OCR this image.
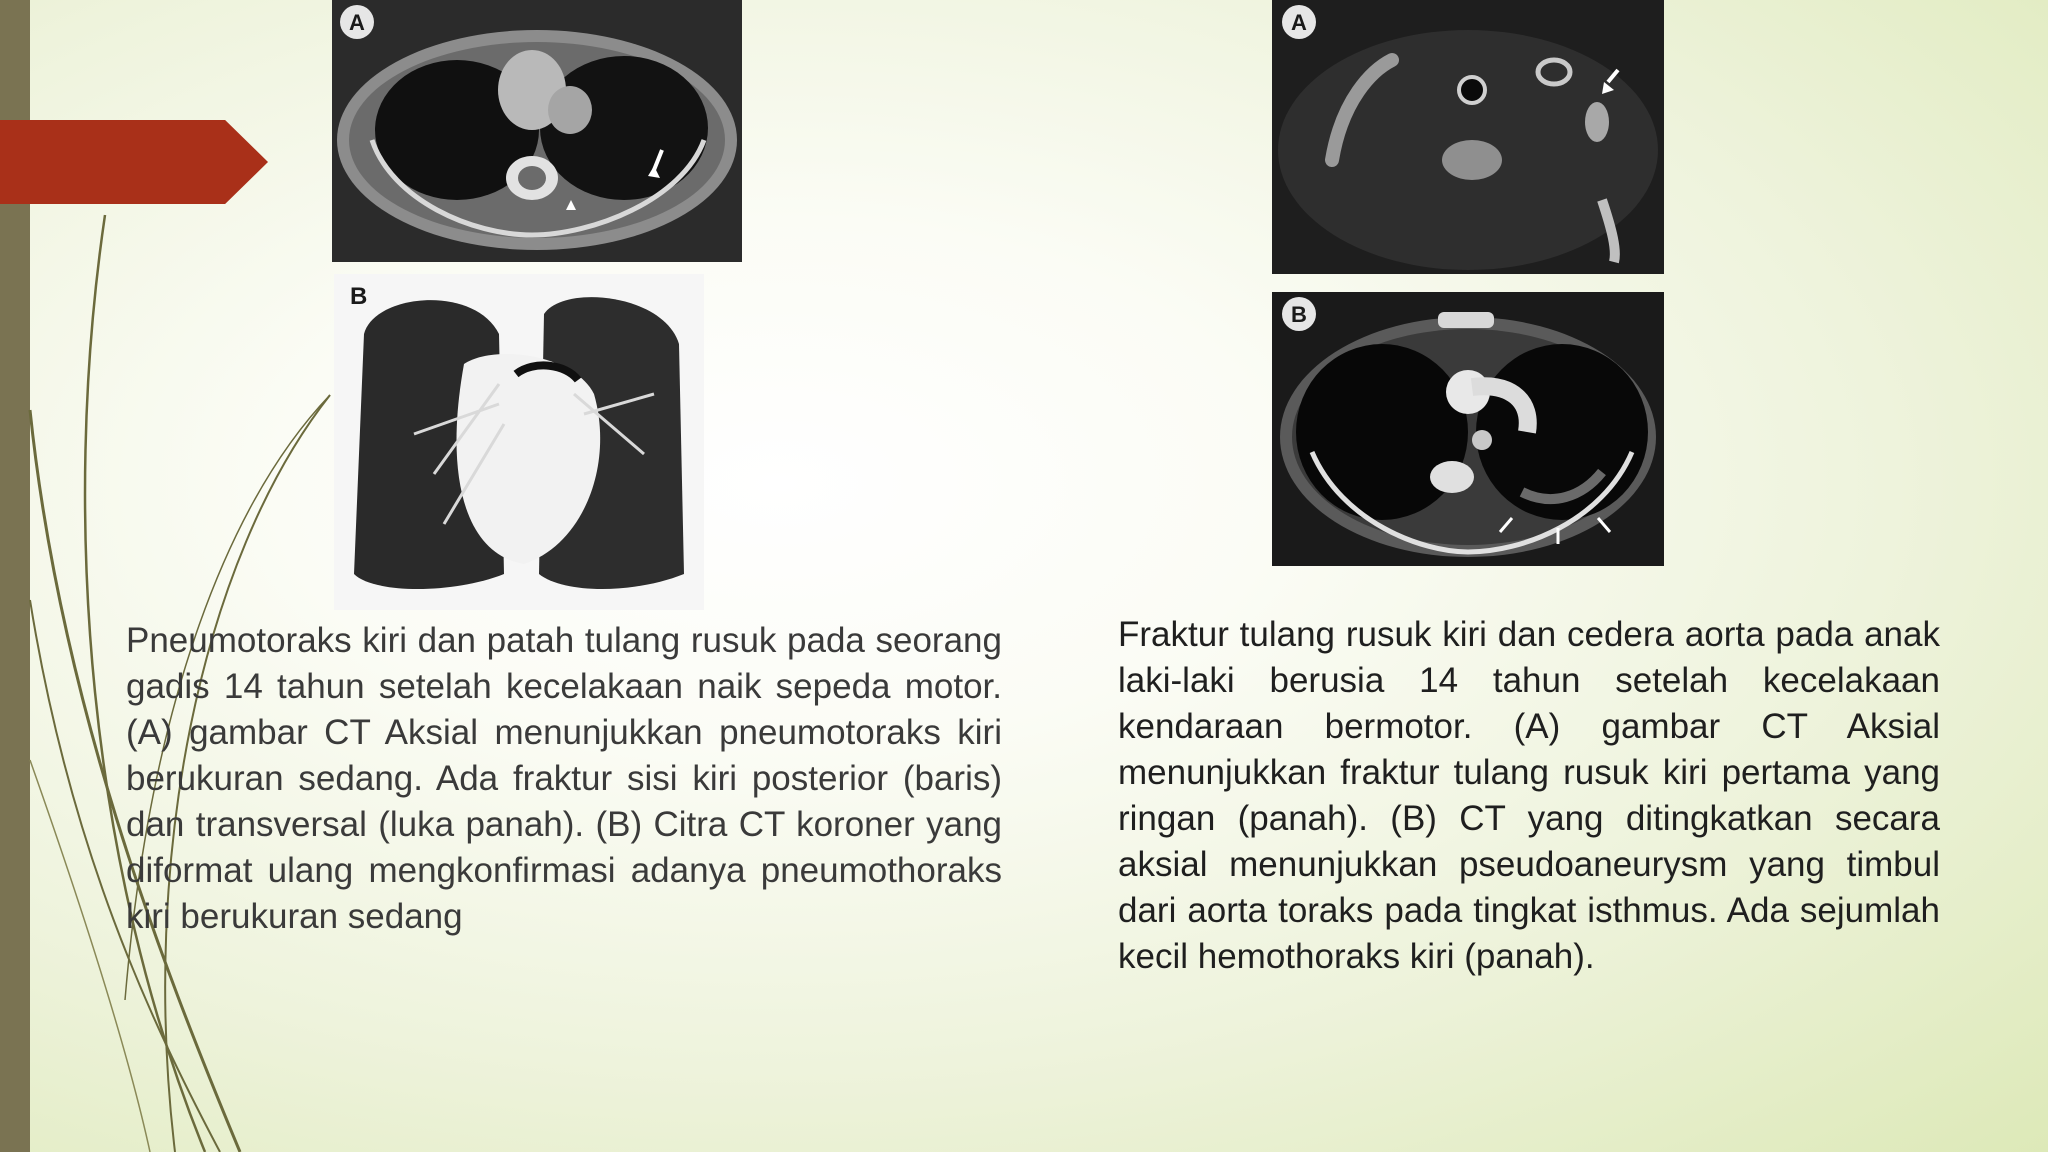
A
B
A
B

Pneumotoraks kiri dan patah tulang rusuk pada seorang gadis 14 tahun setelah kecelakaan naik sepeda motor. (A) gambar CT Aksial menunjukkan pneumotoraks kiri berukuran sedang. Ada fraktur sisi kiri posterior (baris) dan transversal (luka panah). (B) Citra CT koroner yang diformat ulang mengkonfirmasi adanya pneumothoraks kiri berukuran sedang

Fraktur tulang rusuk kiri dan cedera aorta pada anak laki-laki berusia 14 tahun setelah kecelakaan kendaraan bermotor. (A) gambar CT Aksial menunjukkan fraktur tulang rusuk kiri pertama yang ringan (panah). (B) CT yang ditingkatkan secara aksial menunjukkan pseudoaneurysm yang timbul dari aorta toraks pada tingkat isthmus. Ada sejumlah kecil hemothoraks kiri (panah).
